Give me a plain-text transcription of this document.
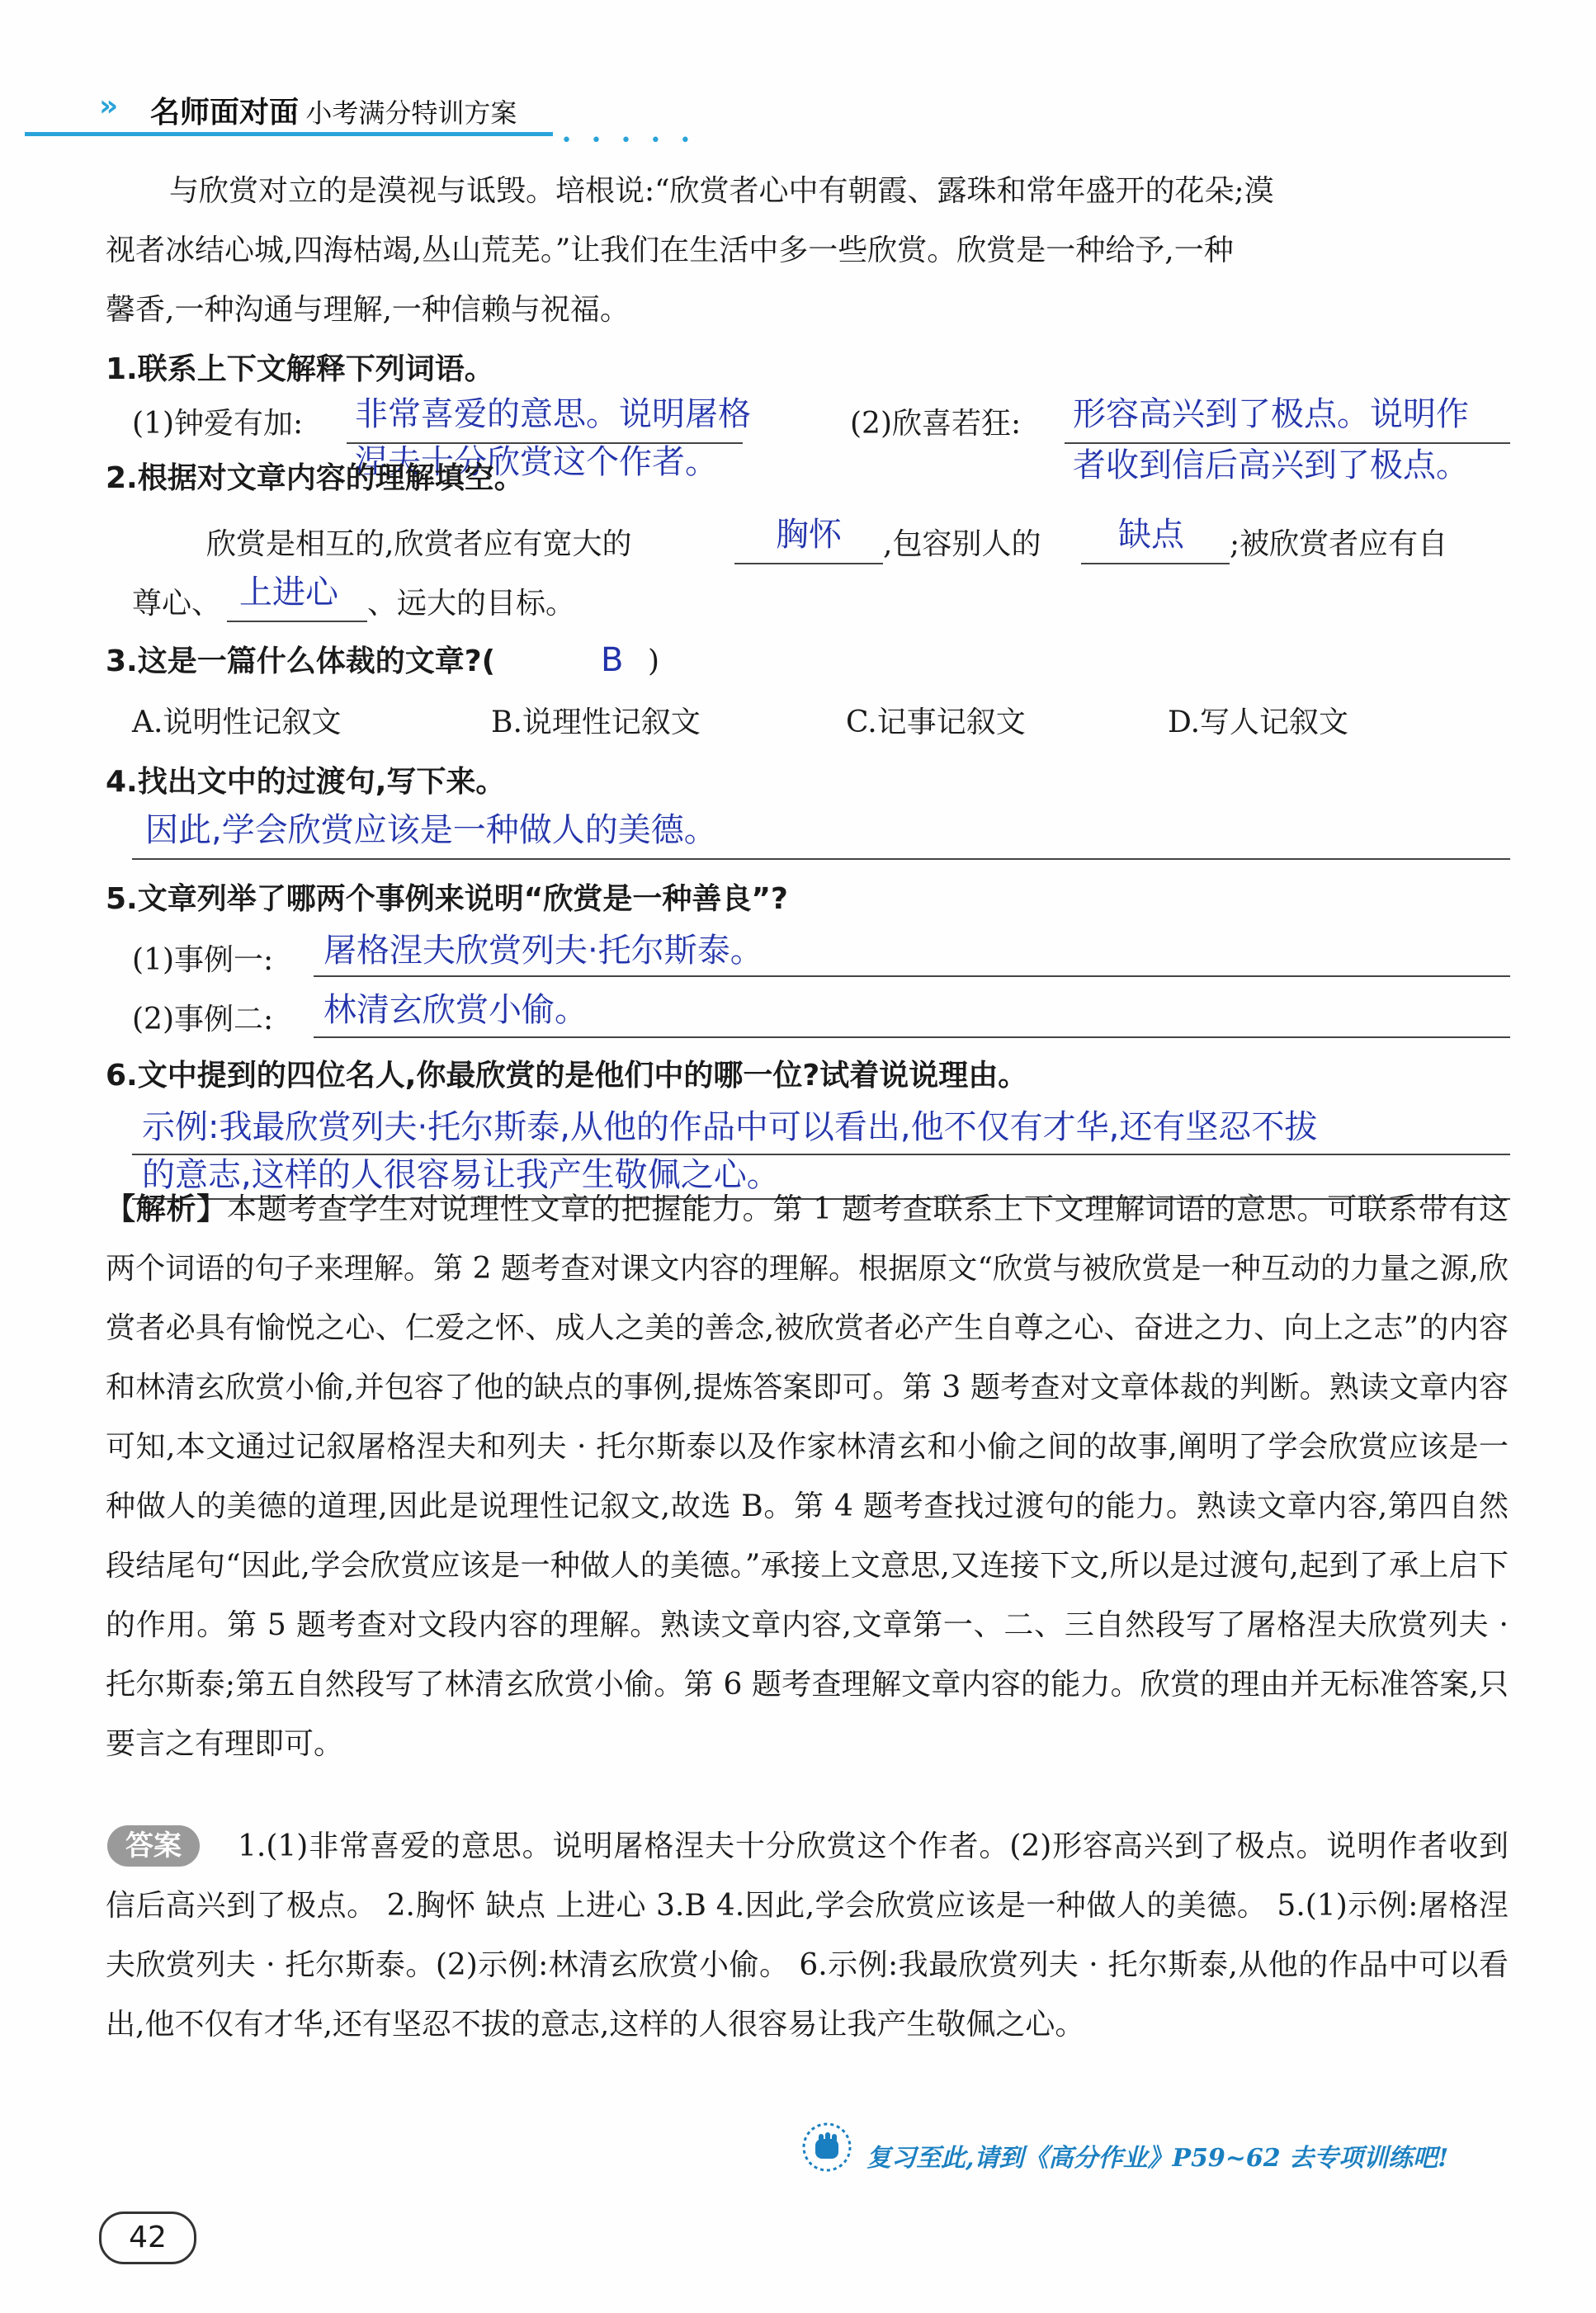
» 名师面对面
· 小考满分特训方案
• • • • •
与欣赏对立的是漠视与诋毁。培根说:“欣赏者心中有朝霞、露珠和常年盛开的花朵;漠
视者冰结心城,四海枯竭,丛山荒芜。”让我们在生活中多一些欣赏。欣赏是一种给予,一种
馨香,一种沟通与理解,一种信赖与祝福。
1.联系上下文解释下列词语。
(1)钟爱有加: 非常喜爱的意思。说明屠格
涅夫十分欣赏这个作者。
(2)欣喜若狂: 形容高兴到了极点。说明作
者收到信后高兴到了极点。
2.根据对文章内容的理解填空。
欣赏是相互的,欣赏者应有宽大的	胸怀 ,包容别人的 缺点 ;被欣赏者应有自
尊心、 上进心 、远大的目标。
3.这是一篇什么体裁的文章?(	B )
A.说明性记叙文	B.说理性记叙文	C.记事记叙文	D.写人记叙文
4.找出文中的过渡句,写下来。
因此,学会欣赏应该是一种做人的美德。
5.文章列举了哪两个事例来说明“欣赏是一种善良”?
(1)事例一: 屠格涅夫欣赏列夫·托尔斯泰。
(2)事例二: 林清玄欣赏小偷。
6.文中提到的四位名人,你最欣赏的是他们中的哪一位?试着说说理由。
示例:我最欣赏列夫·托尔斯泰,从他的作品中可以看出,他不仅有才华,还有坚忍不拔
的意志,这样的人很容易让我产生敬佩之心。
【解析】本题考查学生对说理性文章的把握能力。第 1 题考查联系上下文理解词语的意思。可联系带有这两个词语的句子来理解。第 2 题考查对课文内容的理解。根据原文“欣赏与被欣赏是一种互动的力量之源,欣赏者必具有愉悦之心、仁爱之怀、成人之美的善念,被欣赏者必产生自尊之心、奋进之力、向上之志”的内容和林清玄欣赏小偷,并包容了他的缺点的事例,提炼答案即可。第 3 题考查对文章体裁的判断。熟读文章内容可知,本文通过记叙屠格涅夫和列夫 · 托尔斯泰以及作家林清玄和小偷之间的故事,阐明了学会欣赏应该是一种做人的美德的道理,因此是说理性记叙文,故选 B。第 4 题考查找过渡句的能力。熟读文章内容,第四自然段结尾句“因此,学会欣赏应该是一种做人的美德。”承接上文意思,又连接下文,所以是过渡句,起到了承上启下的作用。第 5 题考查对文段内容的理解。熟读文章内容,文章第一、二、三自然段写了屠格涅夫欣赏列夫 · 托尔斯泰;第五自然段写了林清玄欣赏小偷。第 6 题考查理解文章内容的能力。欣赏的理由并无标准答案,只要言之有理即可。
答案	1.(1)非常喜爱的意思。说明屠格涅夫十分欣赏这个作者。(2)形容高兴到了极点。说明作者收到信后高兴到了极点。 2.胸怀 缺点 上进心 3.B 4.因此,学会欣赏应该是一种做人的美德。 5.(1)示例:屠格涅夫欣赏列夫 · 托尔斯泰。(2)示例:林清玄欣赏小偷。 6.示例:我最欣赏列夫 · 托尔斯泰,从他的作品中可以看出,他不仅有才华,还有坚忍不拔的意志,这样的人很容易让我产生敬佩之心。
复习至此,请到《高分作业》P59~62 去专项训练吧!
42
